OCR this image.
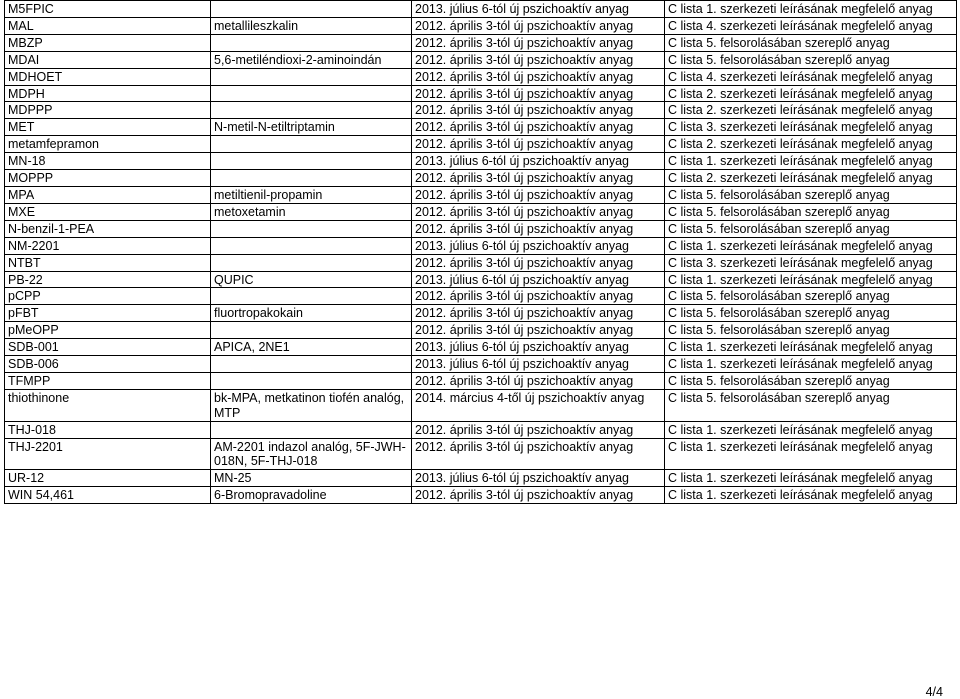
M5FPIC		2013. július 6-tól új pszichoaktív anyag	C lista 1. szerkezeti leírásának megfelelő anyag
MAL	metallileszkalin	2012. április 3-tól új pszichoaktív anyag	C lista 4. szerkezeti leírásának megfelelő anyag
MBZP		2012. április 3-tól új pszichoaktív anyag	C lista 5. felsorolásában szereplő anyag
MDAI	5,6-metiléndioxi-2-aminoindán	2012. április 3-tól új pszichoaktív anyag	C lista 5. felsorolásában szereplő anyag
MDHOET		2012. április 3-tól új pszichoaktív anyag	C lista 4. szerkezeti leírásának megfelelő anyag
MDPH		2012. április 3-tól új pszichoaktív anyag	C lista 2. szerkezeti leírásának megfelelő anyag
MDPPP		2012. április 3-tól új pszichoaktív anyag	C lista 2. szerkezeti leírásának megfelelő anyag
MET	N-metil-N-etiltriptamin	2012. április 3-tól új pszichoaktív anyag	C lista 3. szerkezeti leírásának megfelelő anyag
metamfepramon		2012. április 3-tól új pszichoaktív anyag	C lista 2. szerkezeti leírásának megfelelő anyag
MN-18		2013. július 6-tól új pszichoaktív anyag	C lista 1. szerkezeti leírásának megfelelő anyag
MOPPP		2012. április 3-tól új pszichoaktív anyag	C lista 2. szerkezeti leírásának megfelelő anyag
MPA	metiltienil-propamin	2012. április 3-tól új pszichoaktív anyag	C lista 5. felsorolásában szereplő anyag
MXE	metoxetamin	2012. április 3-tól új pszichoaktív anyag	C lista 5. felsorolásában szereplő anyag
N-benzil-1-PEA		2012. április 3-tól új pszichoaktív anyag	C lista 5. felsorolásában szereplő anyag
NM-2201		2013. július 6-tól új pszichoaktív anyag	C lista 1. szerkezeti leírásának megfelelő anyag
NTBT		2012. április 3-tól új pszichoaktív anyag	C lista 3. szerkezeti leírásának megfelelő anyag
PB-22	QUPIC	2013. július 6-tól új pszichoaktív anyag	C lista 1. szerkezeti leírásának megfelelő anyag
pCPP		2012. április 3-tól új pszichoaktív anyag	C lista 5. felsorolásában szereplő anyag
pFBT	fluortropakokain	2012. április 3-tól új pszichoaktív anyag	C lista 5. felsorolásában szereplő anyag
pMeOPP		2012. április 3-tól új pszichoaktív anyag	C lista 5. felsorolásában szereplő anyag
SDB-001	APICA, 2NE1	2013. július 6-tól új pszichoaktív anyag	C lista 1. szerkezeti leírásának megfelelő anyag
SDB-006		2013. július 6-tól új pszichoaktív anyag	C lista 1. szerkezeti leírásának megfelelő anyag
TFMPP		2012. április 3-tól új pszichoaktív anyag	C lista 5. felsorolásában szereplő anyag
thiothinone	bk-MPA, metkatinon tiofén analóg, MTP	2014. március 4-től új pszichoaktív anyag	C lista 5. felsorolásában szereplő anyag
THJ-018		2012. április 3-tól új pszichoaktív anyag	C lista 1. szerkezeti leírásának megfelelő anyag
THJ-2201	AM-2201 indazol analóg, 5F-JWH-018N, 5F-THJ-018	2012. április 3-tól új pszichoaktív anyag	C lista 1. szerkezeti leírásának megfelelő anyag
UR-12	MN-25	2013. július 6-tól új pszichoaktív anyag	C lista 1. szerkezeti leírásának megfelelő anyag
WIN 54,461	6-Bromopravadoline	2012. április 3-tól új pszichoaktív anyag	C lista 1. szerkezeti leírásának megfelelő anyag
4/4
